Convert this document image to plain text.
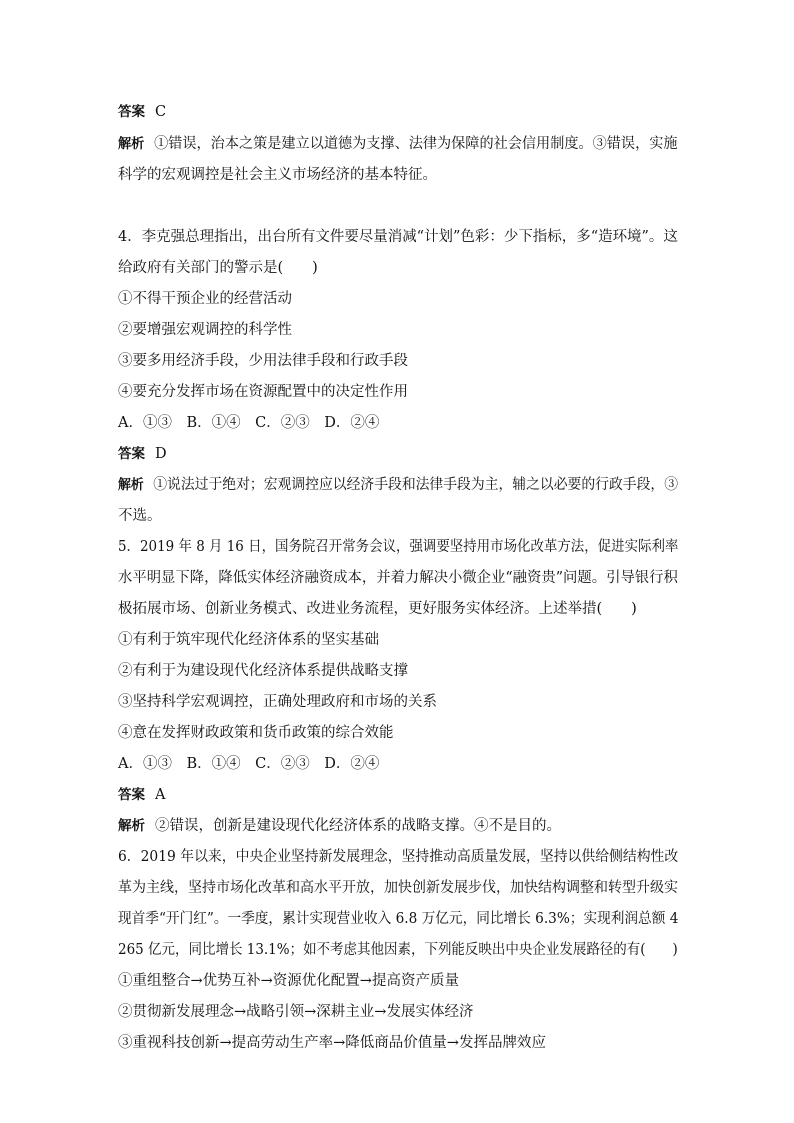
答案 C
解析 ①错误，治本之策是建立以道德为支撑、法律为保障的社会信用制度。③错误，实施
科学的宏观调控是社会主义市场经济的基本特征。
4．李克强总理指出，出台所有文件要尽量消减“计划”色彩：少下指标，多“造环境”。这
给政府有关部门的警示是(　　)
①不得干预企业的经营活动
②要增强宏观调控的科学性
③要多用经济手段，少用法律手段和行政手段
④要充分发挥市场在资源配置中的决定性作用
A．①③　B．①④　C．②③　D．②④
答案 D
解析 ①说法过于绝对；宏观调控应以经济手段和法律手段为主，辅之以必要的行政手段，③
不选。
5．2019 年 8 月 16 日，国务院召开常务会议，强调要坚持用市场化改革方法，促进实际利率
水平明显下降，降低实体经济融资成本，并着力解决小微企业“融资贵”问题。引导银行积
极拓展市场、创新业务模式、改进业务流程，更好服务实体经济。上述举措(　　)
①有利于筑牢现代化经济体系的坚实基础
②有利于为建设现代化经济体系提供战略支撑
③坚持科学宏观调控，正确处理政府和市场的关系
④意在发挥财政政策和货币政策的综合效能
A．①③　B．①④　C．②③　D．②④
答案 A
解析 ②错误，创新是建设现代化经济体系的战略支撑。④不是目的。
6．2019 年以来，中央企业坚持新发展理念，坚持推动高质量发展，坚持以供给侧结构性改
革为主线，坚持市场化改革和高水平开放，加快创新发展步伐，加快结构调整和转型升级实
现首季“开门红”。一季度，累计实现营业收入 6.8 万亿元，同比增长 6.3%；实现利润总额 4
265 亿元，同比增长 13.1%；如不考虑其他因素，下列能反映出中央企业发展路径的有(　　)
①重组整合→优势互补→资源优化配置→提高资产质量
②贯彻新发展理念→战略引领→深耕主业→发展实体经济
③重视科技创新→提高劳动生产率→降低商品价值量→发挥品牌效应
